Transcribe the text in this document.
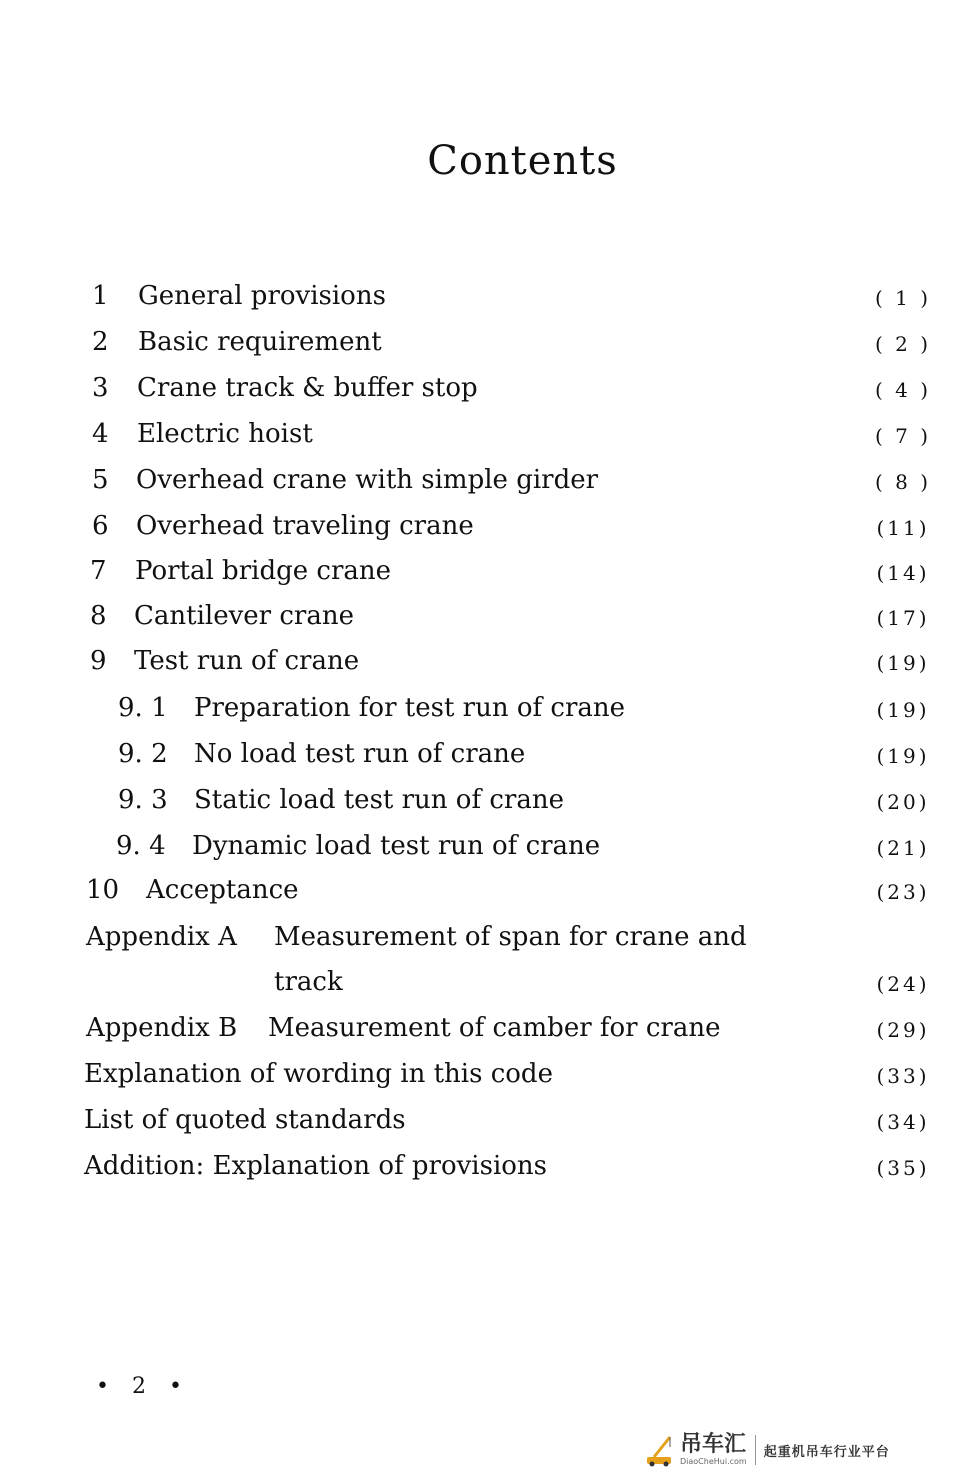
Contents
1 General provisions	( 1 )
2 Basic requirement	( 2 )
3 Crane track & buffer stop	( 4 )
4 Electric hoist	( 7 )
5 Overhead crane with simple girder	( 8 )
6 Overhead traveling crane	(11)
7 Portal bridge crane	(14)
8 Cantilever crane	(17)
9 Test run of crane	(19)
9. 1 Preparation for test run of crane	(19)
9. 2 No load test run of crane	(19)
9. 3 Static load test run of crane	(20)
9. 4 Dynamic load test run of crane	(21)
10 Acceptance	(23)
Appendix A Measurement of span for crane and
track	(24)
Appendix B Measurement of camber for crane	(29)
Explanation of wording in this code	(33)
List of quoted standards	(34)
Addition: Explanation of provisions	(35)
• 2 •
吊车汇
DiaoCheHui.com
起重机吊车行业平台
